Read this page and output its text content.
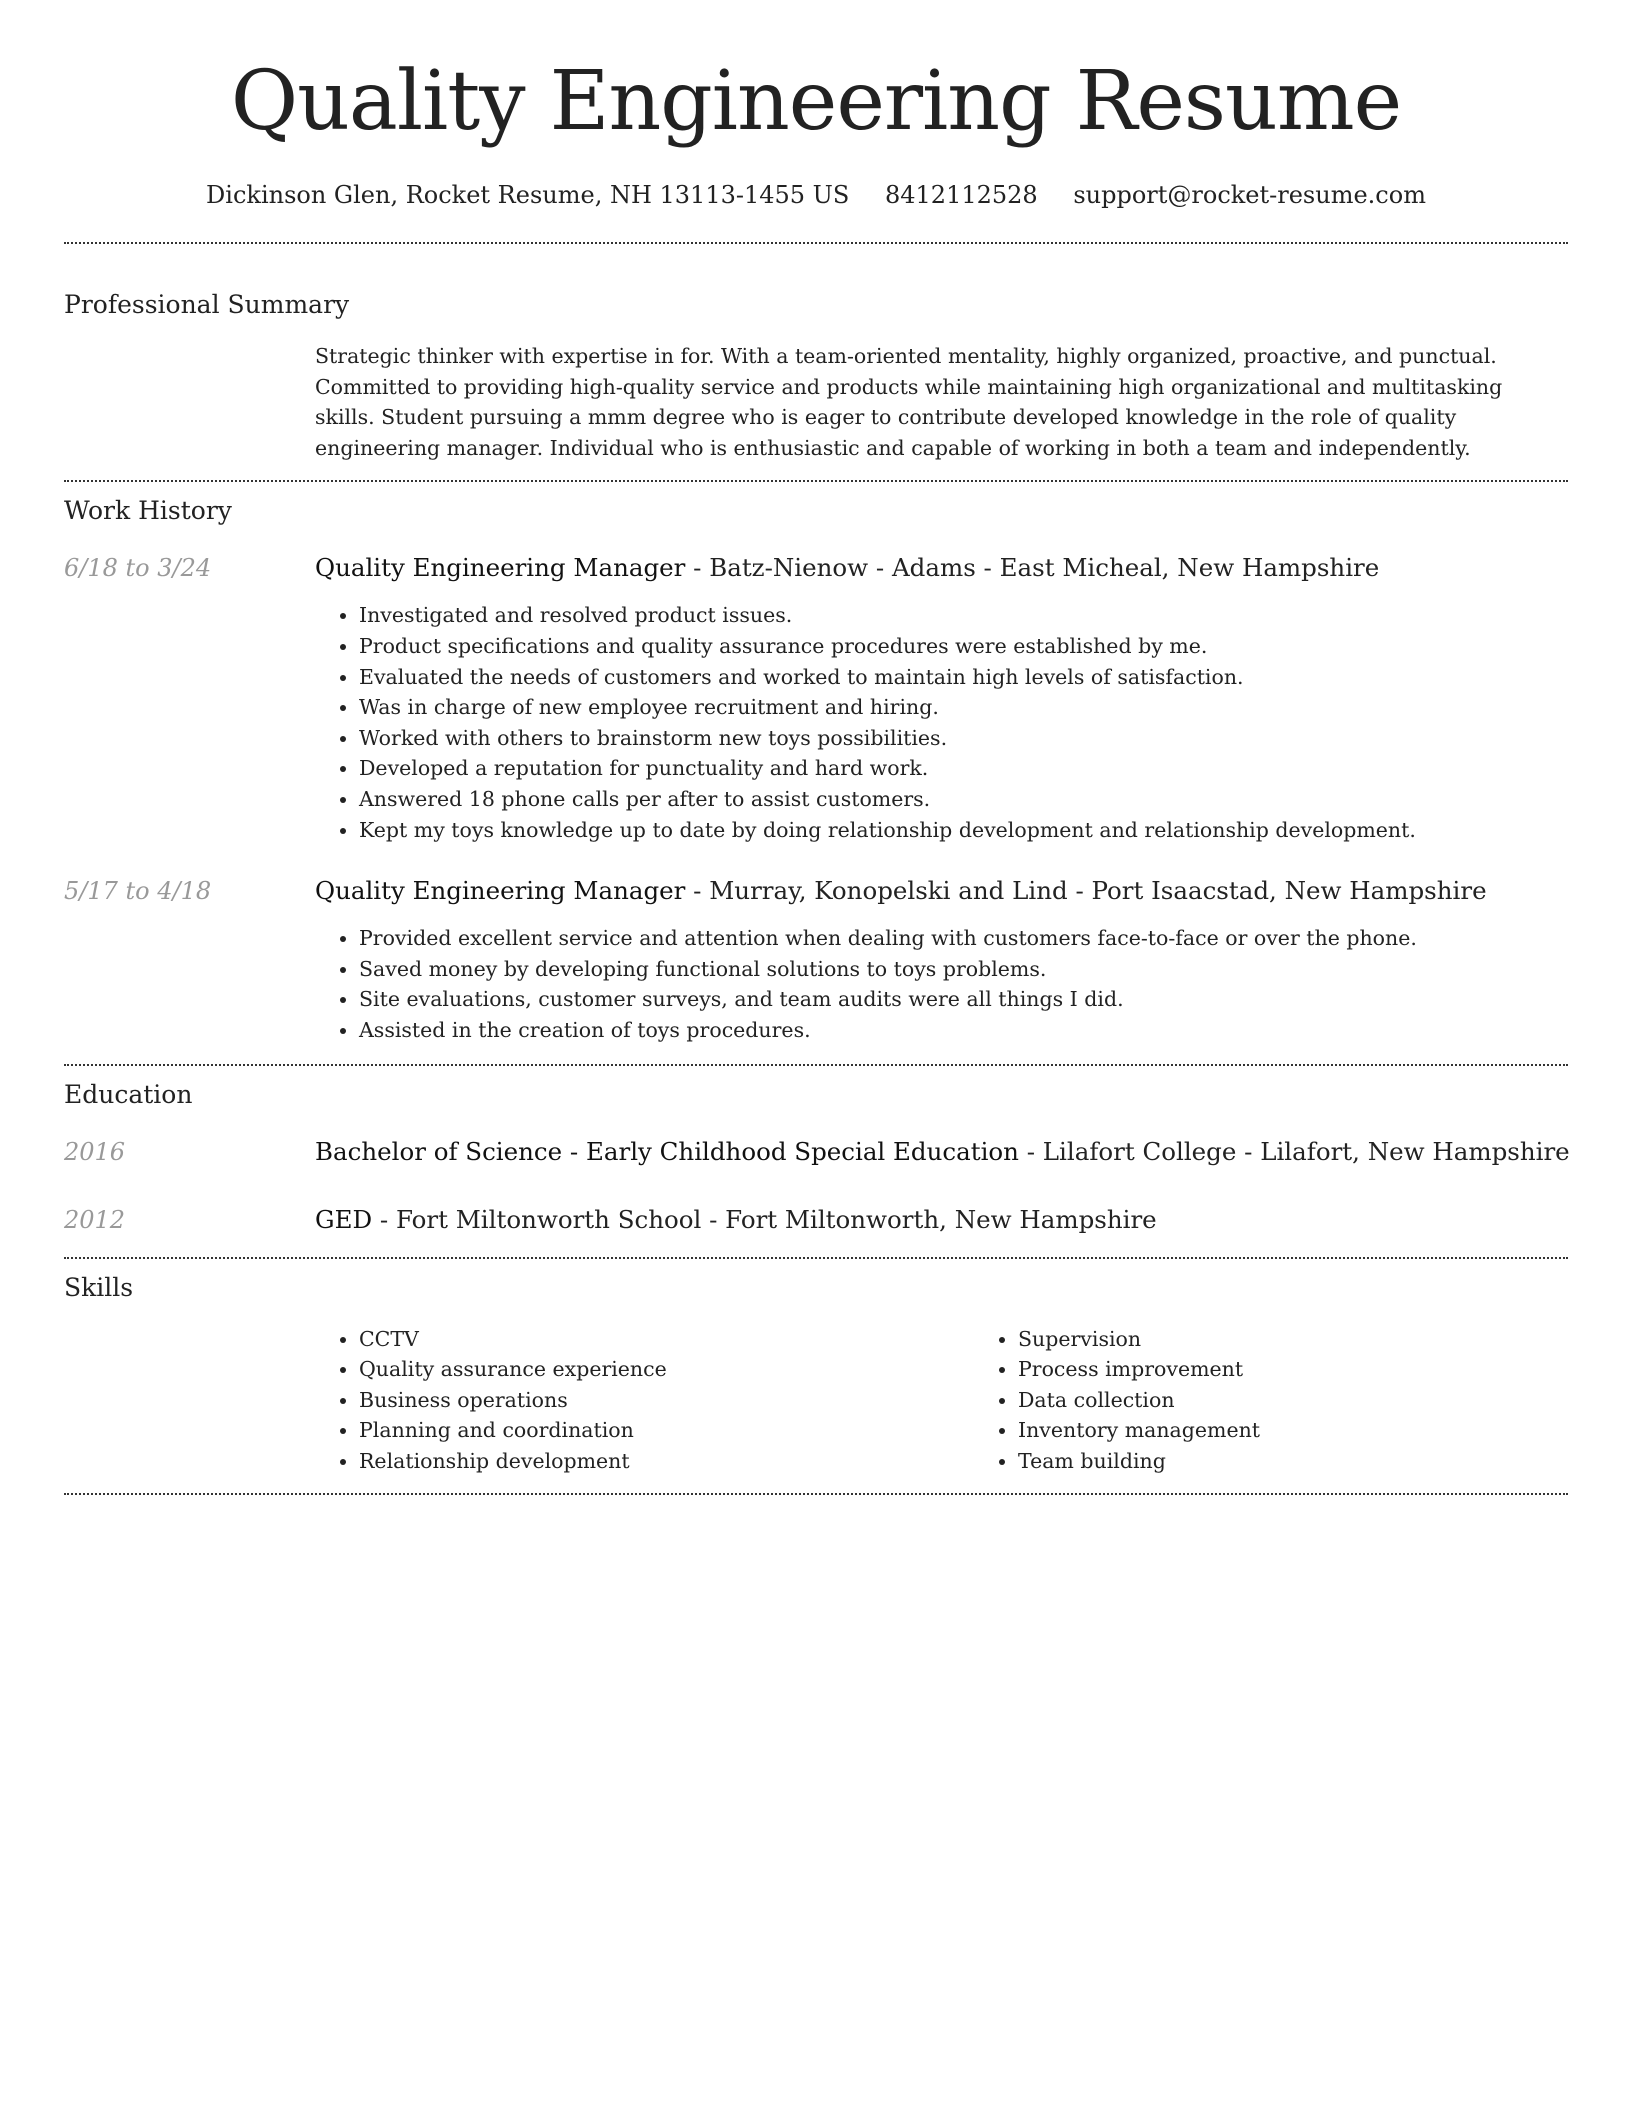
Quality Engineering Resume
Dickinson Glen, Rocket Resume, NH 13113-1455 US 8412112528 support@rocket-resume.com
Professional Summary

Strategic thinker with expertise in for. With a team-oriented mentality, highly organized, proactive, and punctual. Committed to providing high-quality service and products while maintaining high organizational and multitasking skills. Student pursuing a mmm degree who is eager to contribute developed knowledge in the role of quality engineering manager. Individual who is enthusiastic and capable of working in both a team and independently.

Work History
6/18 to 3/24	Quality Engineering Manager - Batz-Nienow - Adams - East Micheal, New Hampshire
• Investigated and resolved product issues.
• Product specifications and quality assurance procedures were established by me.
• Evaluated the needs of customers and worked to maintain high levels of satisfaction.
• Was in charge of new employee recruitment and hiring.
• Worked with others to brainstorm new toys possibilities.
• Developed a reputation for punctuality and hard work.
• Answered 18 phone calls per after to assist customers.
• Kept my toys knowledge up to date by doing relationship development and relationship development.
5/17 to 4/18	Quality Engineering Manager - Murray, Konopelski and Lind - Port Isaacstad, New Hampshire
• Provided excellent service and attention when dealing with customers face-to-face or over the phone.
• Saved money by developing functional solutions to toys problems.
• Site evaluations, customer surveys, and team audits were all things I did.
• Assisted in the creation of toys procedures.
Education
2016	Bachelor of Science - Early Childhood Special Education - Lilafort College - Lilafort, New Hampshire
2012	GED - Fort Miltonworth School - Fort Miltonworth, New Hampshire
Skills
• CCTV
• Quality assurance experience
• Business operations
• Planning and coordination
• Relationship development
• Supervision
• Process improvement
• Data collection
• Inventory management
• Team building
